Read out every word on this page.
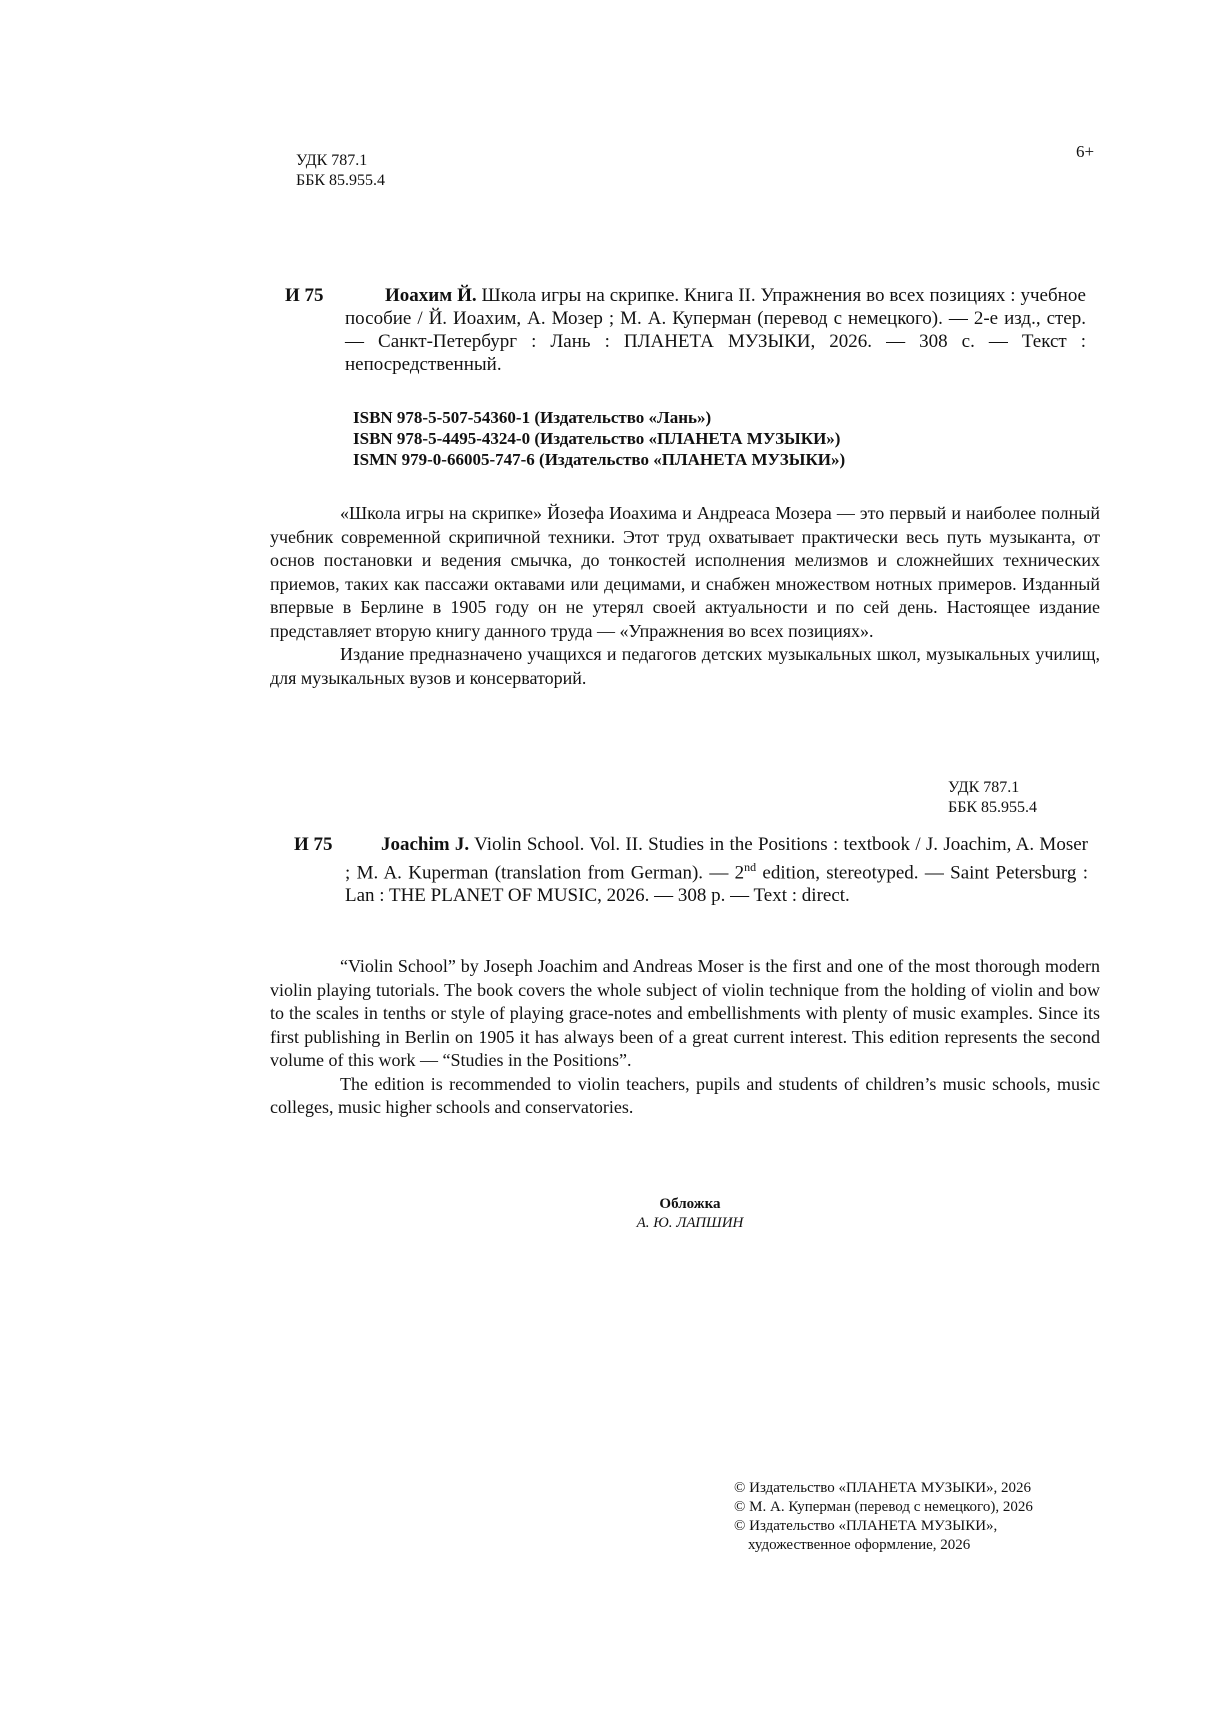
6+
УДК 787.1
ББК 85.955.4
И 75	Иоахим Й. Школа игры на скрипке. Книга II. Упражнения во всех позициях : учебное пособие / Й. Иоахим, А. Мозер ; М. А. Куперман (перевод с немецкого). — 2-е изд., стер. — Санкт-Петербург : Лань : ПЛАНЕТА МУЗЫКИ, 2026. — 308 с. — Текст : непосредственный.

ISBN 978-5-507-54360-1 (Издательство «Лань»)
ISBN 978-5-4495-4324-0 (Издательство «ПЛАНЕТА МУЗЫКИ»)
ISMN 979-0-66005-747-6 (Издательство «ПЛАНЕТА МУЗЫКИ»)

«Школа игры на скрипке» Йозефа Иоахима и Андреаса Мозера — это первый и наиболее полный учебник современной скрипичной техники. Этот труд охватывает практически весь путь музыканта, от основ постановки и ведения смычка, до тонкостей исполнения мелизмов и сложнейших технических приемов, таких как пассажи октавами или децимами, и снабжен множеством нотных примеров. Изданный впервые в Берлине в 1905 году он не утерял своей актуальности и по сей день. Настоящее издание представляет вторую книгу данного труда — «Упражнения во всех позициях».

Издание предназначено учащихся и педагогов детских музыкальных школ, музыкальных училищ, для музыкальных вузов и консерваторий.

УДК 787.1
ББК 85.955.4
И 75	Joachim J. Violin School. Vol. II. Studies in the Positions : textbook / J. Joachim, A. Moser ; M. A. Kuperman (translation from German). — 2nd edition, stereotyped. — Saint Petersburg : Lan : THE PLANET OF MUSIC, 2026. — 308 p. — Text : direct.

“Violin School” by Joseph Joachim and Andreas Moser is the first and one of the most thorough modern violin playing tutorials. The book covers the whole subject of violin technique from the holding of violin and bow to the scales in tenths or style of playing grace-notes and embellishments with plenty of music examples. Since its first publishing in Berlin on 1905 it has always been of a great current interest. This edition represents the second volume of this work — “Studies in the Positions”.

The edition is recommended to violin teachers, pupils and students of children’s music schools, music colleges, music higher schools and conservatories.

Обложка
А. Ю. ЛАПШИН
© Издательство «ПЛАНЕТА МУЗЫКИ», 2026
© М. А. Куперман (перевод с немецкого), 2026
© Издательство «ПЛАНЕТА МУЗЫКИ»,
художественное оформление, 2026
